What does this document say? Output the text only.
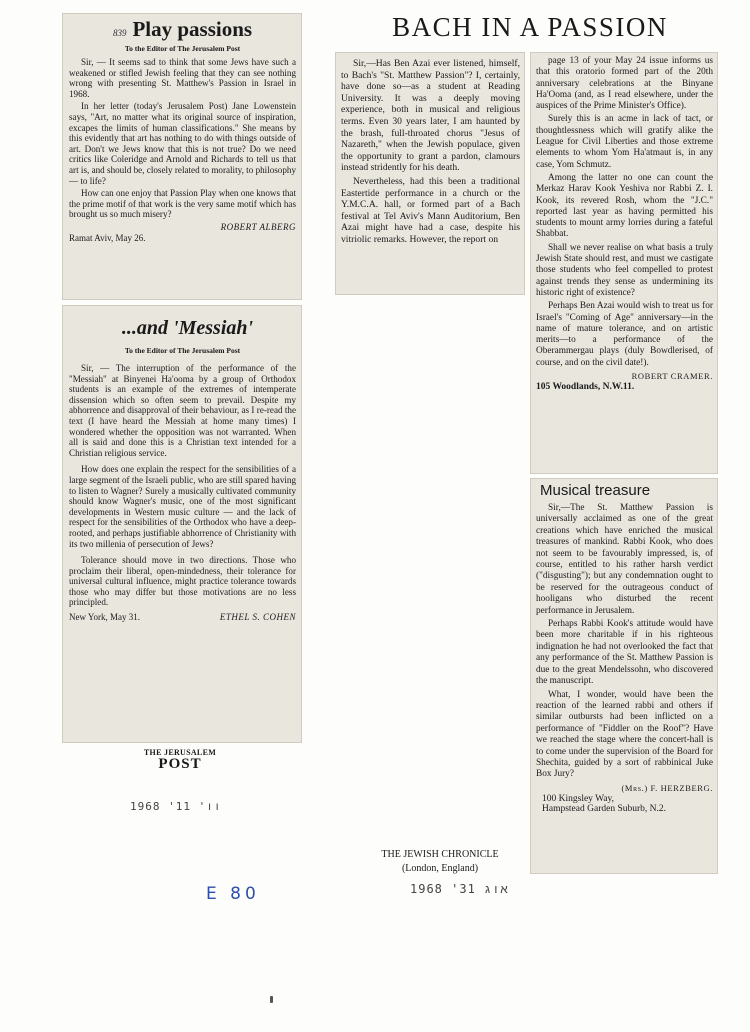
839 Play passions
To the Editor of The Jerusalem Post

Sir, — It seems sad to think that some Jews have such a weakened or stifled Jewish feeling that they can see nothing wrong with presenting St. Matthew's Passion in Israel in 1968.

In her letter (today's Jerusalem Post) Jane Lowenstein says, "Art, no matter what its original source of inspiration, excapes the limits of human classifications." She means by this evidently that art has nothing to do with things outside of art. Don't we Jews know that this is not true? Do we need critics like Coleridge and Arnold and Richards to tell us that art is, and should be, closely related to morality, to philosophy — to life?

How can one enjoy that Passion Play when one knows that the prime motif of that work is the very same motif which has brought us so much misery?

ROBERT ALBERG
Ramat Aviv, May 26.
...and 'Messiah'
To the Editor of The Jerusalem Post

Sir, — The interruption of the performance of the "Messiah" at Binyenei Ha'ooma by a group of Orthodox students is an example of the extremes of intemperate dissension which so often seem to prevail. Despite my abhorrence and disapproval of their behaviour, as I re-read the text (I have heard the Messiah at home many times) I wondered whether the opposition was not warranted. When all is said and done this is a Christian text intended for a Christian religious service.

How does one explain the respect for the sensibilities of a large segment of the Israeli public, who are still spared having to listen to Wagner? Surely a musically cultivated community should know Wagner's music, one of the most significant developments in Western music culture — and the lack of respect for the sensibilities of the Orthodox who have a deep-rooted, and perhaps justifiable abhorrence of Christianity with its two millenia of persecution of Jews?

Tolerance should move in two directions. Those who proclaim their liberal, open-mindedness, their tolerance for universal cultural influence, might practice tolerance towards those who may differ but those motivations are no less principled.

New York, May 31.	ETHEL S. COHEN
THE JERUSALEM
POST
1968 'וו' 11
E 80
BACH IN A PASSION

Sir,—Has Ben Azai ever listened, himself, to Bach's "St. Matthew Passion"? I, certainly, have done so—as a student at Reading University. It was a deeply moving experience, both in musical and religious terms. Even 30 years later, I am haunted by the brash, full-throated chorus "Jesus of Nazareth," when the Jewish populace, given the opportunity to grant a pardon, clamours instead stridently for his death.

Nevertheless, had this been a traditional Eastertide performance in a church or the Y.M.C.A. hall, or formed part of a Bach festival at Tel Aviv's Mann Auditorium, Ben Azai might have had a case, despite his vitriolic remarks. However, the report on

page 13 of your May 24 issue informs us that this oratorio formed part of the 20th anniversary celebrations at the Binyane Ha'Ooma (and, as I read elsewhere, under the auspices of the Prime Minister's Office).

Surely this is an acme in lack of tact, or thoughtlessness which will gratify alike the League for Civil Liberties and those extreme elements to whom Yom Ha'atmaut is, in any case, Yom Schmutz.

Among the latter no one can count the Merkaz Harav Kook Yeshiva nor Rabbi Z. I. Kook, its revered Rosh, whom the "J.C." reported last year as having permitted his students to mount army lorries during a fateful Shabbat.

Shall we never realise on what basis a truly Jewish State should rest, and must we castigate those students who feel compelled to protest against trends they sense as undermining its historic right of existence?

Perhaps Ben Azai would wish to treat us for Israel's "Coming of Age" anniversary—in the name of mature tolerance, and on artistic merits—to a performance of the Oberammergau plays (duly Bowdlerised, of course, and on the civil date!).

ROBERT CRAMER.
105 Woodlands, N.W.11.
Musical treasure

Sir,—The St. Matthew Passion is universally acclaimed as one of the great creations which have enriched the musical treasures of mankind. Rabbi Kook, who does not seem to be favourably impressed, is, of course, entitled to his rather harsh verdict ("disgusting"); but any condemnation ought to be reserved for the outrageous conduct of hooligans who disturbed the recent performance in Jerusalem.

Perhaps Rabbi Kook's attitude would have been more charitable if in his righteous indignation he had not overlooked the fact that any performance of the St. Matthew Passion is due to the great Mendelssohn, who discovered the manuscript.

What, I wonder, would have been the reaction of the learned rabbi and others if similar outbursts had been inflicted on a performance of "Fiddler on the Roof"? Have we reached the stage where the concert-hall is to come under the supervision of the Board for Shechita, guided by a sort of rabbinical Juke Box Jury?

(Mrs.) F. HERZBERG.
100 Kingsley Way,
Hampstead Garden Suburb, N.2.
THE JEWISH CHRONICLE
(London, England)
1968 'אוג 31
